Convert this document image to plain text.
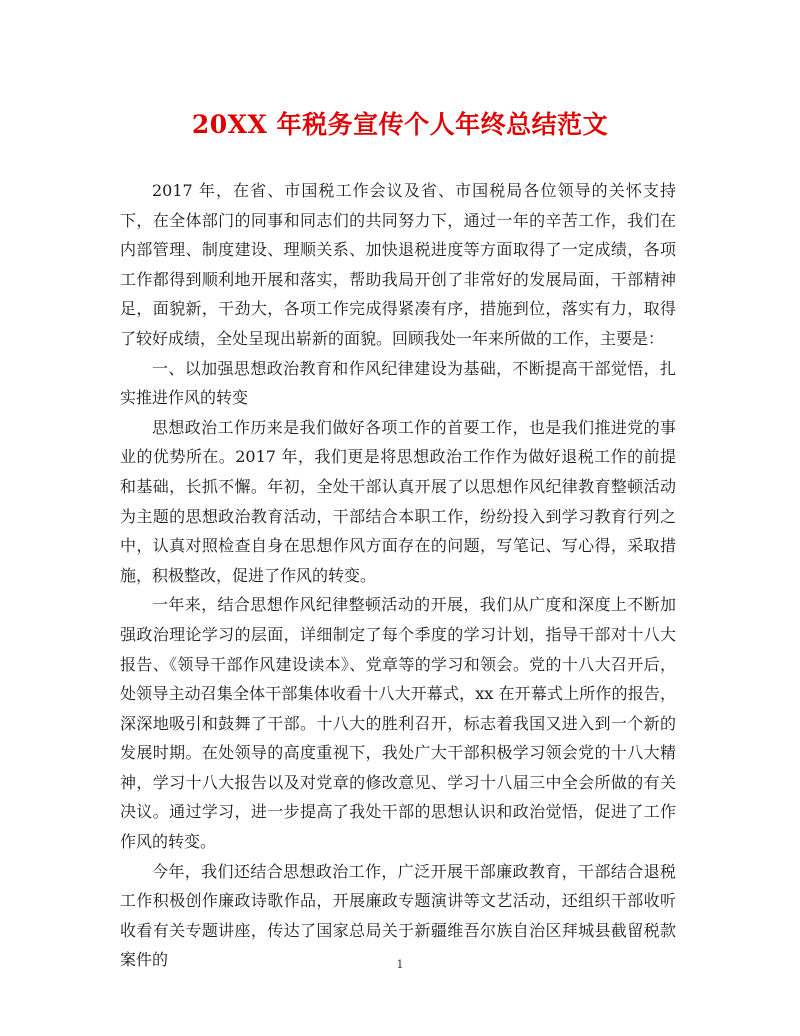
20XX 年税务宣传个人年终总结范文

2017 年，在省、市国税工作会议及省、市国税局各位领导的关怀支持下，在全体部门的同事和同志们的共同努力下，通过一年的辛苦工作，我们在内部管理、制度建设、理顺关系、加快退税进度等方面取得了一定成绩，各项工作都得到顺利地开展和落实，帮助我局开创了非常好的发展局面，干部精神足，面貌新，干劲大，各项工作完成得紧凑有序，措施到位，落实有力，取得了较好成绩，全处呈现出崭新的面貌。回顾我处一年来所做的工作，主要是：

一、以加强思想政治教育和作风纪律建设为基础，不断提高干部觉悟，扎实推进作风的转变

思想政治工作历来是我们做好各项工作的首要工作，也是我们推进党的事业的优势所在。2017 年，我们更是将思想政治工作作为做好退税工作的前提和基础，长抓不懈。年初，全处干部认真开展了以思想作风纪律教育整顿活动为主题的思想政治教育活动，干部结合本职工作，纷纷投入到学习教育行列之中，认真对照检查自身在思想作风方面存在的问题，写笔记、写心得，采取措施，积极整改，促进了作风的转变。

一年来，结合思想作风纪律整顿活动的开展，我们从广度和深度上不断加强政治理论学习的层面，详细制定了每个季度的学习计划，指导干部对十八大报告、《领导干部作风建设读本》、党章等的学习和领会。党的十八大召开后，处领导主动召集全体干部集体收看十八大开幕式，xx 在开幕式上所作的报告，深深地吸引和鼓舞了干部。十八大的胜利召开，标志着我国又进入到一个新的发展时期。在处领导的高度重视下，我处广大干部积极学习领会党的十八大精神，学习十八大报告以及对党章的修改意见、学习十八届三中全会所做的有关决议。通过学习，进一步提高了我处干部的思想认识和政治觉悟，促进了工作作风的转变。

今年，我们还结合思想政治工作，广泛开展干部廉政教育，干部结合退税工作积极创作廉政诗歌作品，开展廉政专题演讲等文艺活动，还组织干部收听收看有关专题讲座，传达了国家总局关于新疆维吾尔族自治区拜城县截留税款案件的	1
